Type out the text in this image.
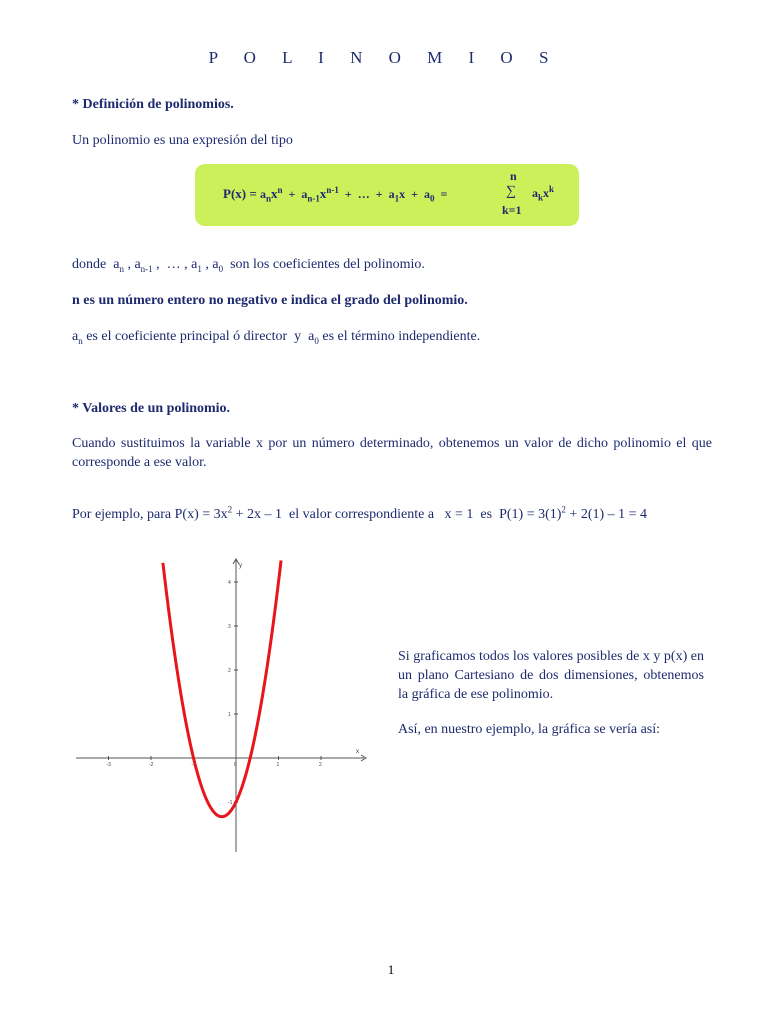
P O L I N O M I O S
* Definición de polinomios.
Un polinomio es una expresión del tipo
$P(x) = a_nx^n + a_{n-1}x^{n-1}$  +  …  +  $a_1x + a_0$  =
n
∑
k=1
$a_kx^k$
donde  $a_n$ , $a_{n-1}$ ,  … , $a_1$ , $a_0$  son los coeficientes del polinomio.
n es un número entero no negativo e indica el grado del polinomio.
$a_n$ es el coeficiente principal ó director  y  $a_0$ es el término independiente.
* Valores de un polinomio.
Cuando sustituimos la variable x por un número determinado, obtenemos un valor de dicho polinomio el que corresponde a ese valor.
Por ejemplo, para $P(x) = 3x^2 + 2x - 1$  el valor correspondiente a   x = 1  es  $P(1) = 3(1)^2 + 2(1) - 1 = 4$
x
y
-3	-2	-1	0	1	2
4
3
2
1
-1
Si graficamos todos los valores posibles de x y p(x) en un plano Cartesiano de dos dimensiones, obtenemos la gráfica de ese polinomio.
Así, en nuestro ejemplo, la gráfica se vería así:
1
